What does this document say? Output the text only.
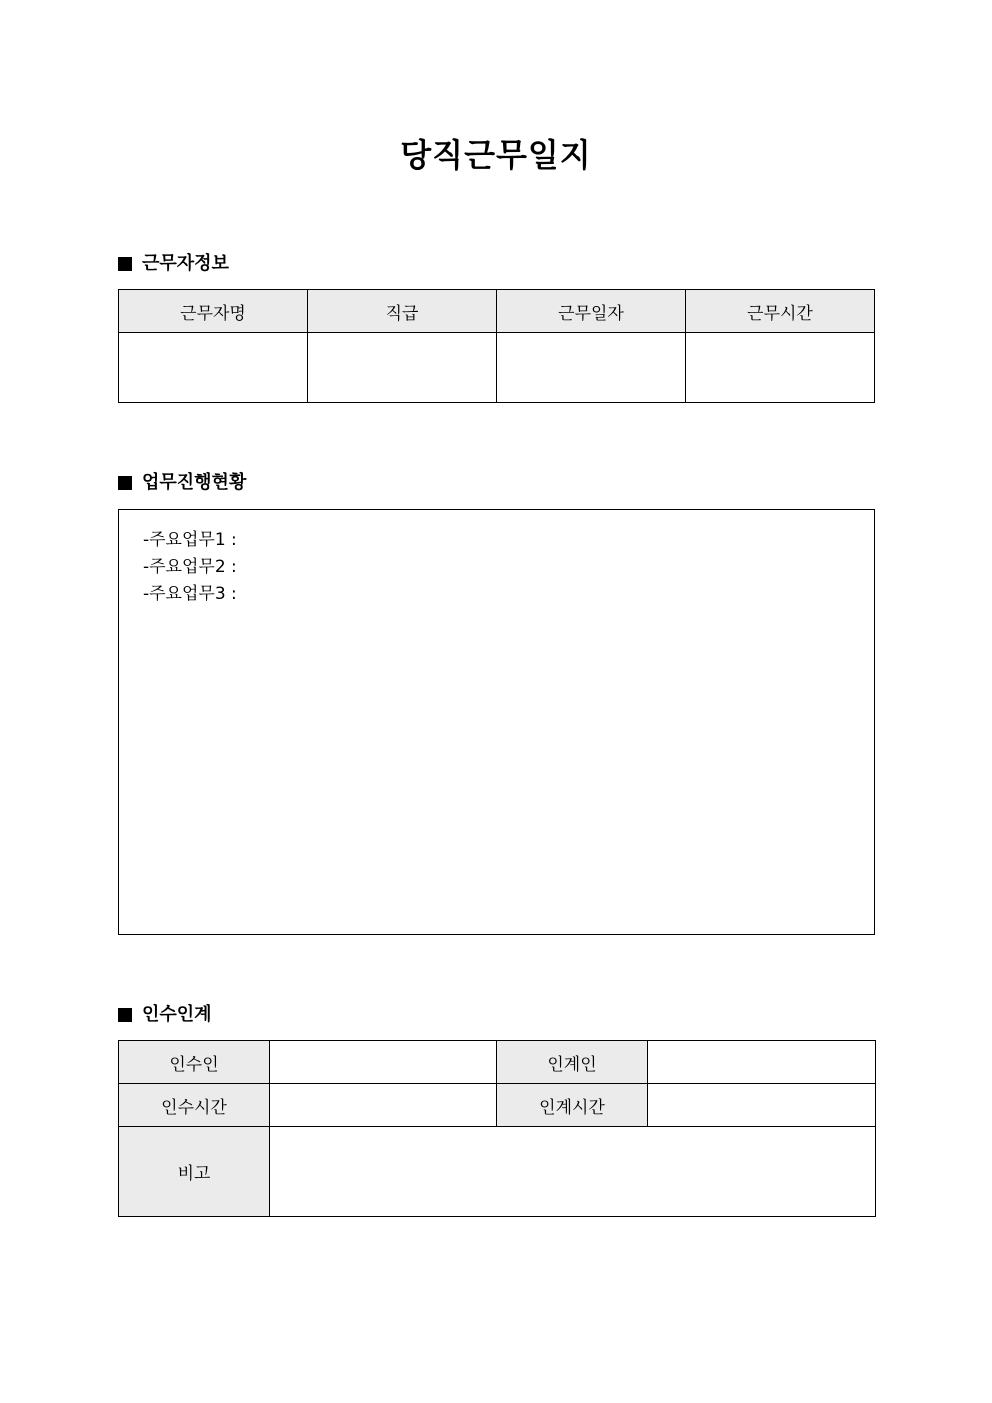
당직근무일지
근무자정보
근무자명	직급	근무일자	근무시간

업무진행현황
-주요업무1 :
-주요업무2 :
-주요업무3 :
인수인계
인수인		인계인	
인수시간		인계시간	
비고			
